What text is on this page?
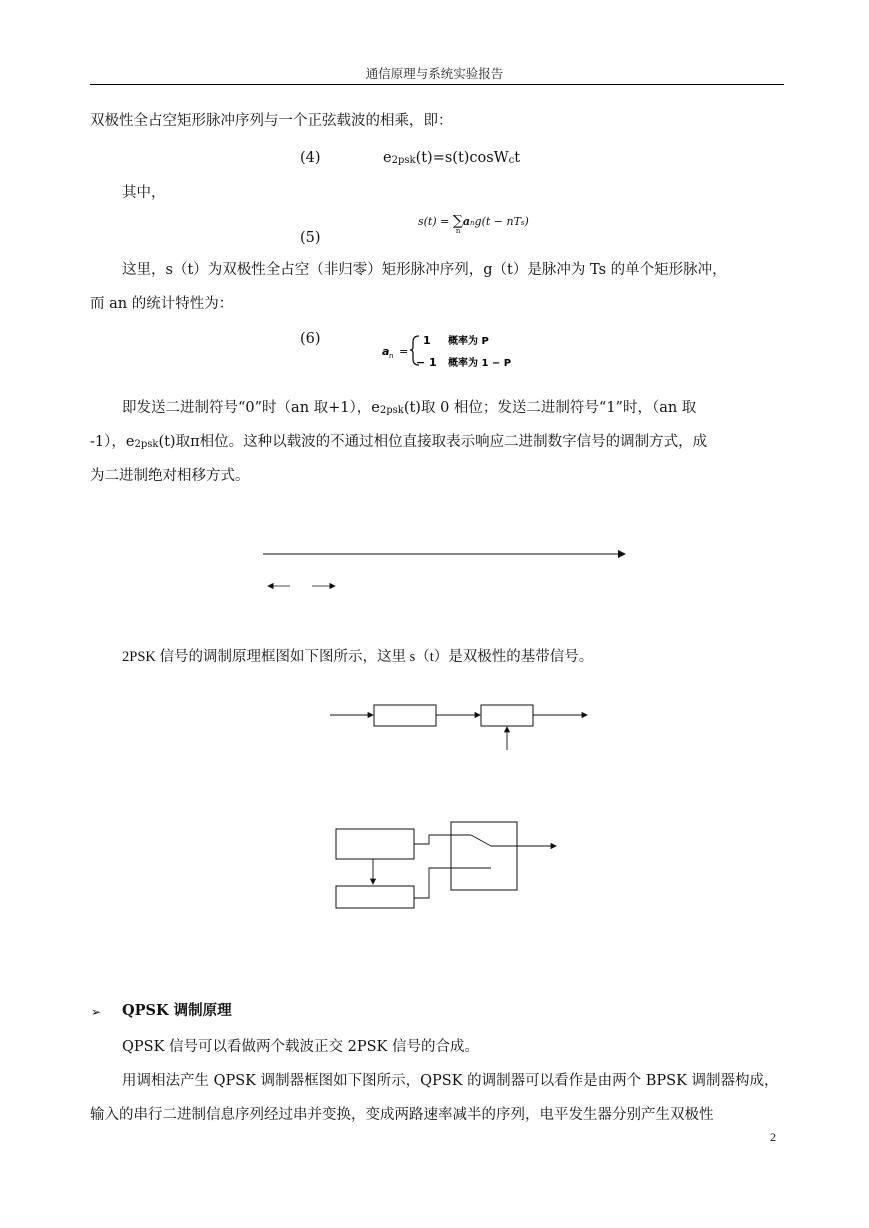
通信原理与系统实验报告
双极性全占空矩形脉冲序列与一个正弦载波的相乘，即：
(4)	e2psk(t)=s(t)cosWct
其中，
(5)
s(t) = ∑
n
ang(t − nTs)
这里，s（t）为双极性全占空（非归零）矩形脉冲序列，g（t）是脉冲为 Ts 的单个矩形脉冲，
而 an 的统计特性为：
(6)
a n =
1 概率为 P
− 1 概率为 1 − P
即发送二进制符号“0”时（an 取+1），e2psk(t)取 0 相位；发送二进制符号“1”时，（an 取
-1），e2psk(t)取π相位。这种以载波的不通过相位直接取表示响应二进制数字信号的调制方式，成
为二进制绝对相移方式。
2PSK 信号的调制原理框图如下图所示，这里 s（t）是双极性的基带信号。
➢ QPSK 调制原理
QPSK 信号可以看做两个载波正交 2PSK 信号的合成。
用调相法产生 QPSK 调制器框图如下图所示，QPSK 的调制器可以看作是由两个 BPSK 调制器构成，
输入的串行二进制信息序列经过串并变换，变成两路速率减半的序列，电平发生器分别产生双极性
2
